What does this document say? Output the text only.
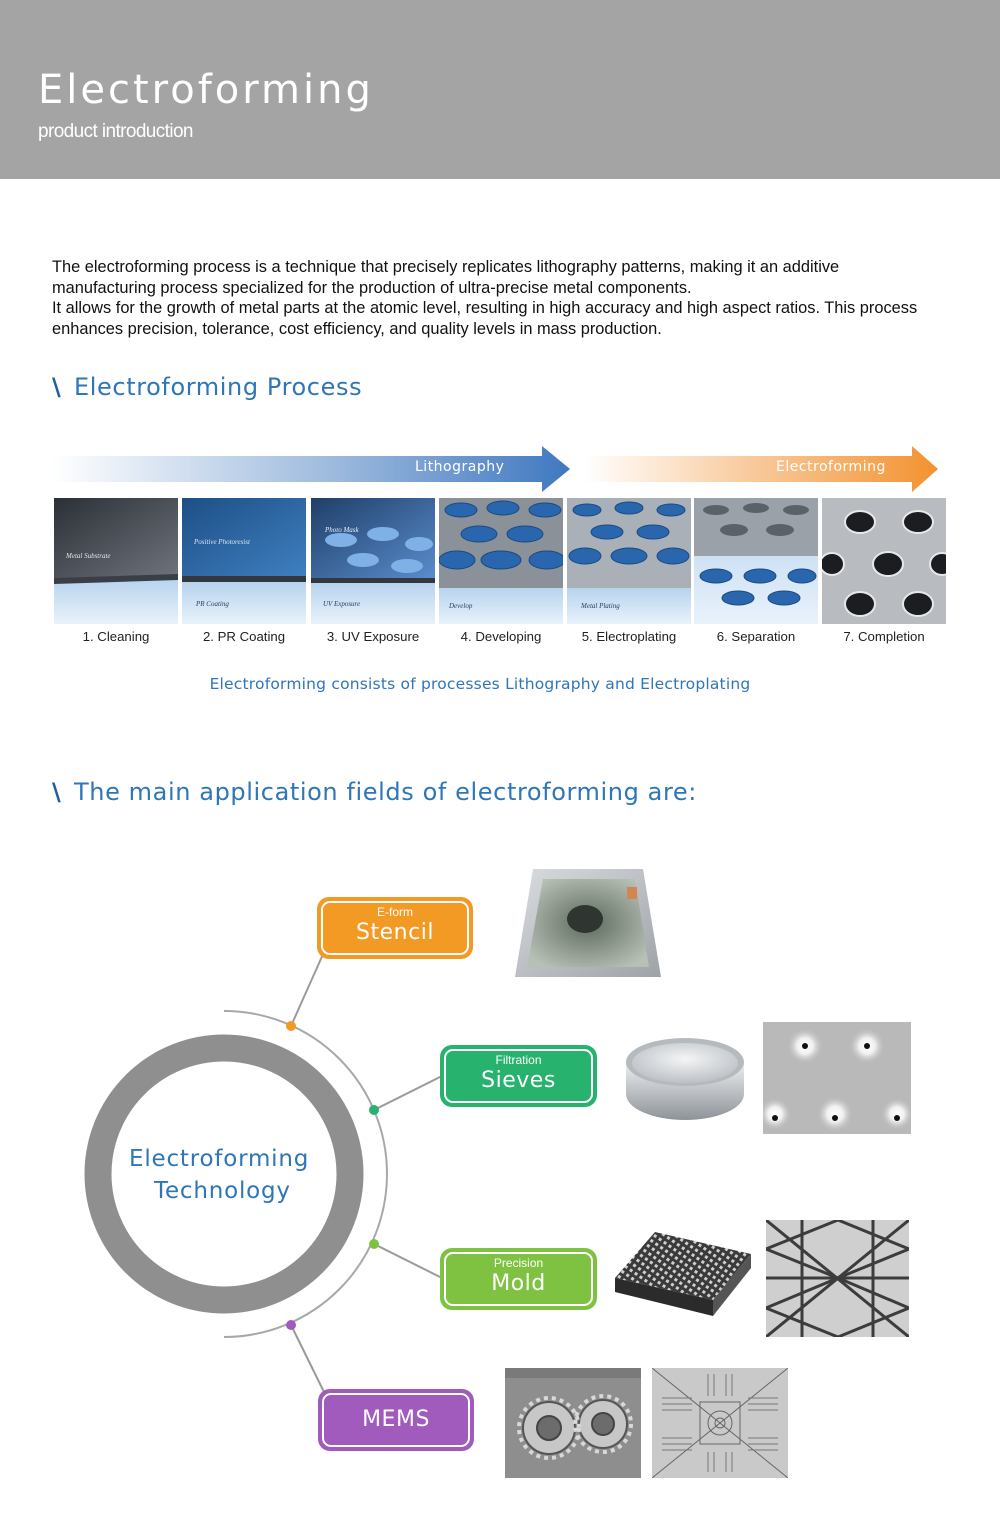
Electroforming
product introduction

The electroforming process is a technique that precisely replicates lithography patterns, making it an additive manufacturing process specialized for the production of ultra-precise metal components.

It allows for the growth of metal parts at the atomic level, resulting in high accuracy and high aspect ratios. This process enhances precision, tolerance, cost efficiency, and quality levels in mass production.

\ Electroforming Process
Lithography	Electroforming
Metal Substrate
1. Cleaning
Positive Photoresist
PR Coating
2. PR Coating
Photo Mask
UV Exposure
3. UV Exposure
Develop
4. Developing
Metal Plating
5. Electroplating	6. Separation	7. Completion
Electroforming consists of processes Lithography and Electroplating
\ The main application fields of electroforming are:
Electroforming
Technology
E-form
Stencil
Filtration
Sieves
Precision
Mold
MEMS
